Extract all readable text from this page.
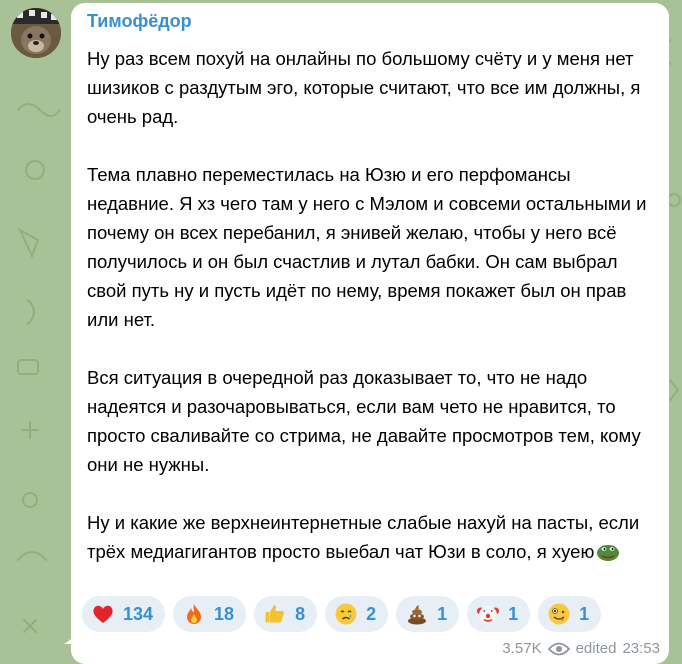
Тимофёдор

Ну раз всем похуй на онлайны по большому счёту и у меня нет шизиков с раздутым эго, которые считают, что все им должны, я очень рад.

Тема плавно переместилась на Юзю и его перфомансы недавние. Я хз чего там у него с Мэлом и совсеми остальными и почему он всех перебанил, я энивей желаю, чтобы у него всё получилось и он был счастлив и лутал бабки. Он сам выбрал свой путь ну и пусть идёт по нему, время покажет был он прав или нет.

Вся ситуация в очередной раз доказывает то, что не надо надеятся и разочаровываться, если вам чето не нравится, то просто сваливайте со стрима, не давайте просмотров тем, кому они не нужны.

Ну и какие же верхнеинтернетные слабые нахуй на пасты, если трёх медиагигантов просто выебал чат Юзи в соло, я хуею

134	18	8	2	1	1	1
3.57K edited 23:53
